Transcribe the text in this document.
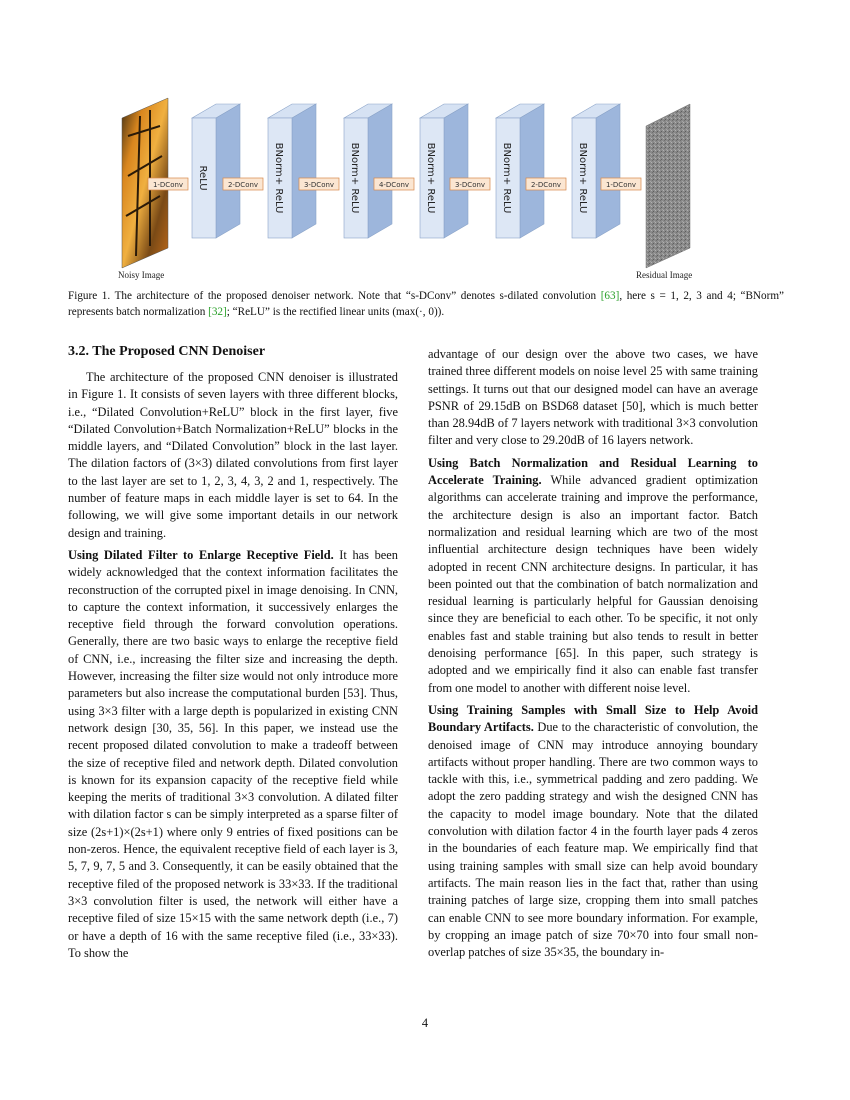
ReLU	BNorm+ ReLU	BNorm+ ReLU	BNorm+ ReLU	BNorm+ ReLU	BNorm+ ReLU
1-DConv	2-DConv	3-DConv	4-DConv	3-DConv	2-DConv	1-DConv
Noisy Image	Residual Image
Figure 1. The architecture of the proposed denoiser network. Note that “s-DConv” denotes s-dilated convolution [63], here s = 1, 2, 3 and 4; “BNorm” represents batch normalization [32]; “ReLU” is the rectified linear units (max(·, 0)).
3.2. The Proposed CNN Denoiser

The architecture of the proposed CNN denoiser is illustrated in Figure 1. It consists of seven layers with three different blocks, i.e., “Dilated Convolution+ReLU” block in the first layer, five “Dilated Convolution+Batch Normalization+ReLU” blocks in the middle layers, and “Dilated Convolution” block in the last layer. The dilation factors of (3×3) dilated convolutions from first layer to the last layer are set to 1, 2, 3, 4, 3, 2 and 1, respectively. The number of feature maps in each middle layer is set to 64. In the following, we will give some important details in our network design and training.

Using Dilated Filter to Enlarge Receptive Field. It has been widely acknowledged that the context information facilitates the reconstruction of the corrupted pixel in image denoising. In CNN, to capture the context information, it successively enlarges the receptive field through the forward convolution operations. Generally, there are two basic ways to enlarge the receptive field of CNN, i.e., increasing the filter size and increasing the depth. However, increasing the filter size would not only introduce more parameters but also increase the computational burden [53]. Thus, using 3×3 filter with a large depth is popularized in existing CNN network design [30, 35, 56]. In this paper, we instead use the recent proposed dilated convolution to make a tradeoff between the size of receptive filed and network depth. Dilated convolution is known for its expansion capacity of the receptive field while keeping the merits of traditional 3×3 convolution. A dilated filter with dilation factor s can be simply interpreted as a sparse filter of size (2s+1)×(2s+1) where only 9 entries of fixed positions can be non-zeros. Hence, the equivalent receptive field of each layer is 3, 5, 7, 9, 7, 5 and 3. Consequently, it can be easily obtained that the receptive filed of the proposed network is 33×33. If the traditional 3×3 convolution filter is used, the network will either have a receptive filed of size 15×15 with the same network depth (i.e., 7) or have a depth of 16 with the same receptive filed (i.e., 33×33). To show the

advantage of our design over the above two cases, we have trained three different models on noise level 25 with same training settings. It turns out that our designed model can have an average PSNR of 29.15dB on BSD68 dataset [50], which is much better than 28.94dB of 7 layers network with traditional 3×3 convolution filter and very close to 29.20dB of 16 layers network.

Using Batch Normalization and Residual Learning to Accelerate Training. While advanced gradient optimization algorithms can accelerate training and improve the performance, the architecture design is also an important factor. Batch normalization and residual learning which are two of the most influential architecture design techniques have been widely adopted in recent CNN architecture designs. In particular, it has been pointed out that the combination of batch normalization and residual learning is particularly helpful for Gaussian denoising since they are beneficial to each other. To be specific, it not only enables fast and stable training but also tends to result in better denoising performance [65]. In this paper, such strategy is adopted and we empirically find it also can enable fast transfer from one model to another with different noise level.

Using Training Samples with Small Size to Help Avoid Boundary Artifacts. Due to the characteristic of convolution, the denoised image of CNN may introduce annoying boundary artifacts without proper handling. There are two common ways to tackle with this, i.e., symmetrical padding and zero padding. We adopt the zero padding strategy and wish the designed CNN has the capacity to model image boundary. Note that the dilated convolution with dilation factor 4 in the fourth layer pads 4 zeros in the boundaries of each feature map. We empirically find that using training samples with small size can help avoid boundary artifacts. The main reason lies in the fact that, rather than using training patches of large size, cropping them into small patches can enable CNN to see more boundary information. For example, by cropping an image patch of size 70×70 into four small non-overlap patches of size 35×35, the boundary in-

4
